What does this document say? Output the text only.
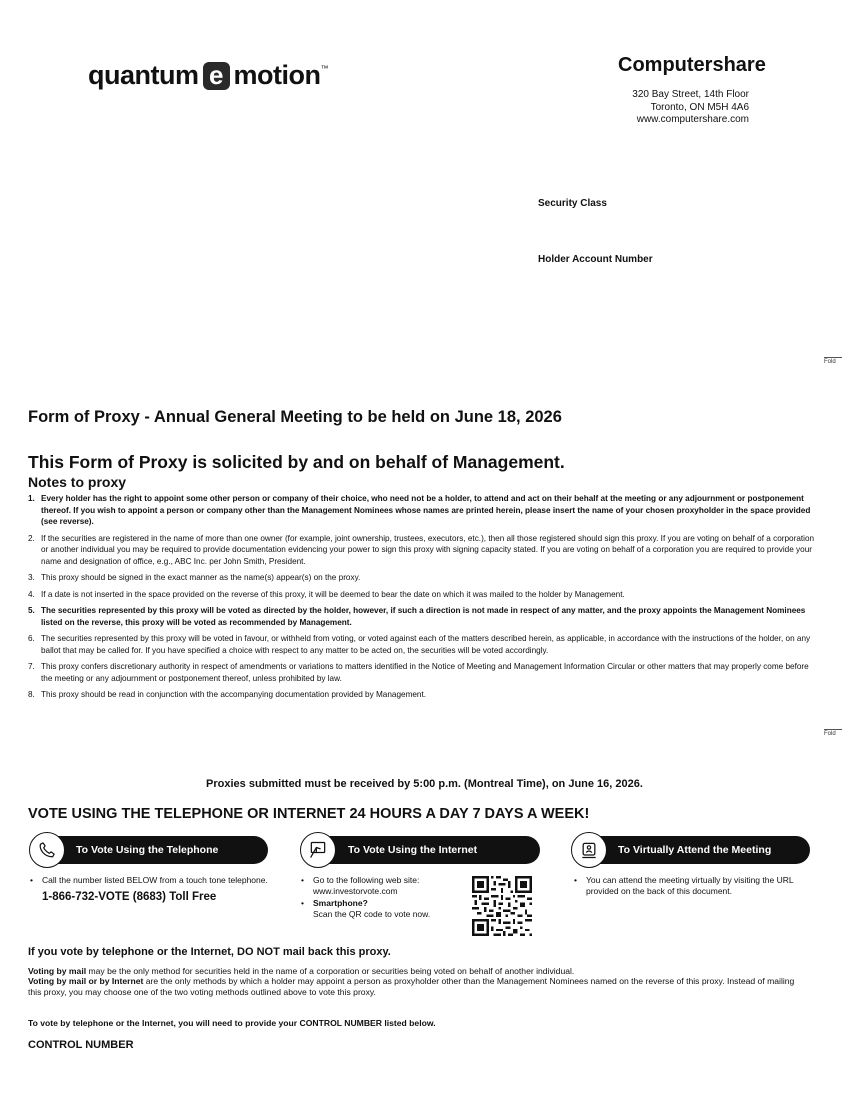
quantum e motion ™	Computershare
320 Bay Street, 14th Floor
Toronto, ON M5H 4A6
www.computershare.com
Security Class
Holder Account Number
Fold
Fold
Form of Proxy - Annual General Meeting to be held on June 18, 2026
This Form of Proxy is solicited by and on behalf of Management.
Notes to proxy
1. Every holder has the right to appoint some other person or company of their choice, who need not be a holder, to attend and act on their behalf at the meeting or any adjournment or postponement thereof. If you wish to appoint a person or company other than the Management Nominees whose names are printed herein, please insert the name of your chosen proxyholder in the space provided (see reverse).
2. If the securities are registered in the name of more than one owner (for example, joint ownership, trustees, executors, etc.), then all those registered should sign this proxy. If you are voting on behalf of a corporation or another individual you may be required to provide documentation evidencing your power to sign this proxy with signing capacity stated. If you are voting on behalf of a corporation you are required to provide your name and designation of office, e.g., ABC Inc. per John Smith, President.
3. This proxy should be signed in the exact manner as the name(s) appear(s) on the proxy.
4. If a date is not inserted in the space provided on the reverse of this proxy, it will be deemed to bear the date on which it was mailed to the holder by Management.
5. The securities represented by this proxy will be voted as directed by the holder, however, if such a direction is not made in respect of any matter, and the proxy appoints the Management Nominees listed on the reverse, this proxy will be voted as recommended by Management.
6. The securities represented by this proxy will be voted in favour, or withheld from voting, or voted against each of the matters described herein, as applicable, in accordance with the instructions of the holder, on any ballot that may be called for. If you have specified a choice with respect to any matter to be acted on, the securities will be voted accordingly.
7. This proxy confers discretionary authority in respect of amendments or variations to matters identified in the Notice of Meeting and Management Information Circular or other matters that may properly come before the meeting or any adjournment or postponement thereof, unless prohibited by law.
8. This proxy should be read in conjunction with the accompanying documentation provided by Management.
Proxies submitted must be received by 5:00 p.m. (Montreal Time), on June 16, 2026.
VOTE USING THE TELEPHONE OR INTERNET 24 HOURS A DAY 7 DAYS A WEEK!
To Vote Using the Telephone
• Call the number listed BELOW from a touch tone telephone.
1-866-732-VOTE (8683) Toll Free
To Vote Using the Internet
• Go to the following web site:
www.investorvote.com
• Smartphone?
Scan the QR code to vote now.
To Virtually Attend the Meeting
• You can attend the meeting virtually by visiting the URL provided on the back of this document.
If you vote by telephone or the Internet, DO NOT mail back this proxy.
Voting by mail may be the only method for securities held in the name of a corporation or securities being voted on behalf of another individual.
Voting by mail or by Internet are the only methods by which a holder may appoint a person as proxyholder other than the Management Nominees named on the reverse of this proxy. Instead of mailing this proxy, you may choose one of the two voting methods outlined above to vote this proxy.
To vote by telephone or the Internet, you will need to provide your CONTROL NUMBER listed below.
CONTROL NUMBER
